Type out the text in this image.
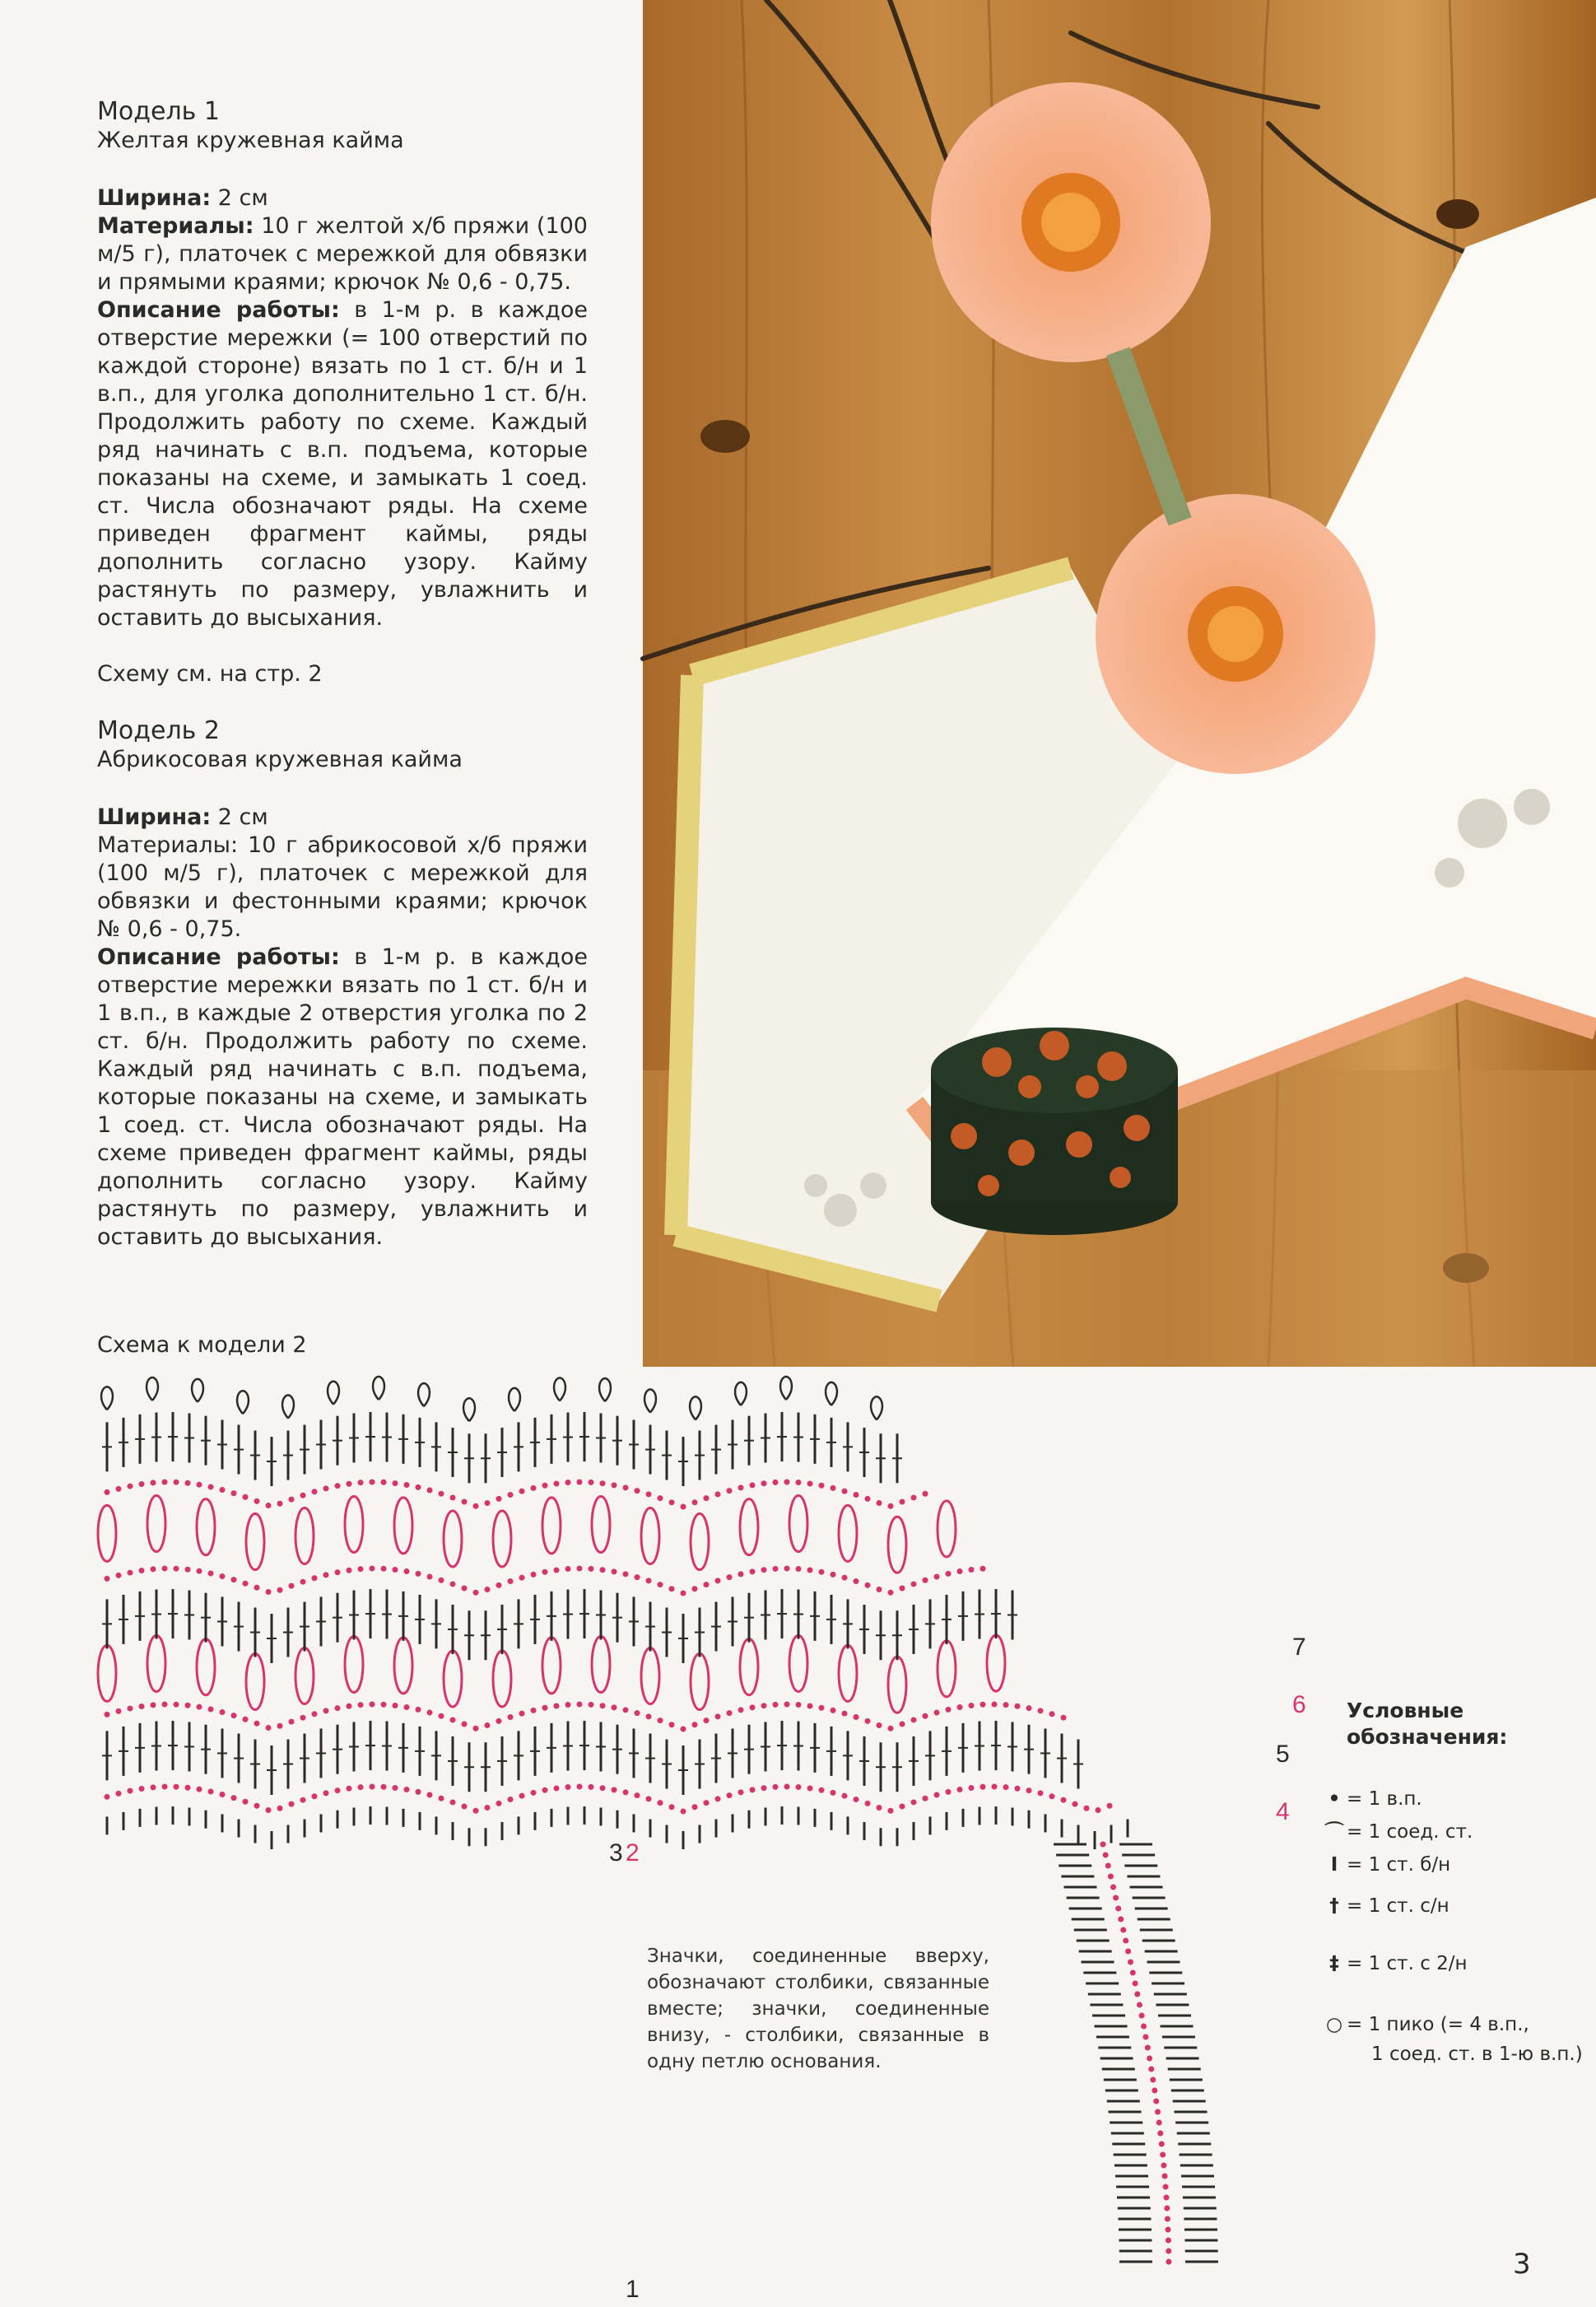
Модель 1

Желтая кружевная кайма

Ширина: 2 см

Материалы: 10 г желтой х/б пряжи (100 м/5 г), платочек с мережкой для обвязки и прямыми краями; крючок № 0,6 - 0,75.

Описание работы: в 1-м р. в каждое отверстие мережки (= 100 отверстий по каждой стороне) вязать по 1 ст. б/н и 1 в.п., для уголка дополнительно 1 ст. б/н. Продолжить работу по схеме. Каждый ряд начинать с в.п. подъема, которые показаны на схеме, и замыкать 1 соед. ст. Числа обозначают ряды. На схеме приведен фрагмент каймы, ряды дополнить согласно узору. Кайму растянуть по размеру, увлажнить и оставить до высыхания.

Схему см. на стр. 2

Модель 2

Абрикосовая кружевная кайма

Ширина: 2 см

Материалы: 10 г абрикосовой х/б пряжи (100 м/5 г), платочек с мережкой для обвязки и фестонными краями; крючок № 0,6 - 0,75.

Описание работы: в 1-м р. в каждое отверстие мережки вязать по 1 ст. б/н и 1 в.п., в каждые 2 отверстия уголка по 2 ст. б/н. Продолжить работу по схеме. Каждый ряд начинать с в.п. подъема, которые показаны на схеме, и замыкать 1 соед. ст. Числа обозначают ряды. На схеме приведен фрагмент каймы, ряды дополнить согласно узору. Кайму растянуть по размеру, увлажнить и оставить до высыхания.

Схема к модели 2
1
2
3
4
5
6
7
Условные
обозначения:
• = 1 в.п.
⌒ = 1 соед. ст.
I = 1 ст. б/н
† = 1 ст. с/н
‡ = 1 ст. с 2/н
○ = 1 пико (= 4 в.п.,
1 соед. ст. в 1-ю в.п.)
Значки, соединенные вверху, обозначают столбики, связанные вместе; значки, соединенные внизу, - столбики, связанные в одну петлю основания.
3
